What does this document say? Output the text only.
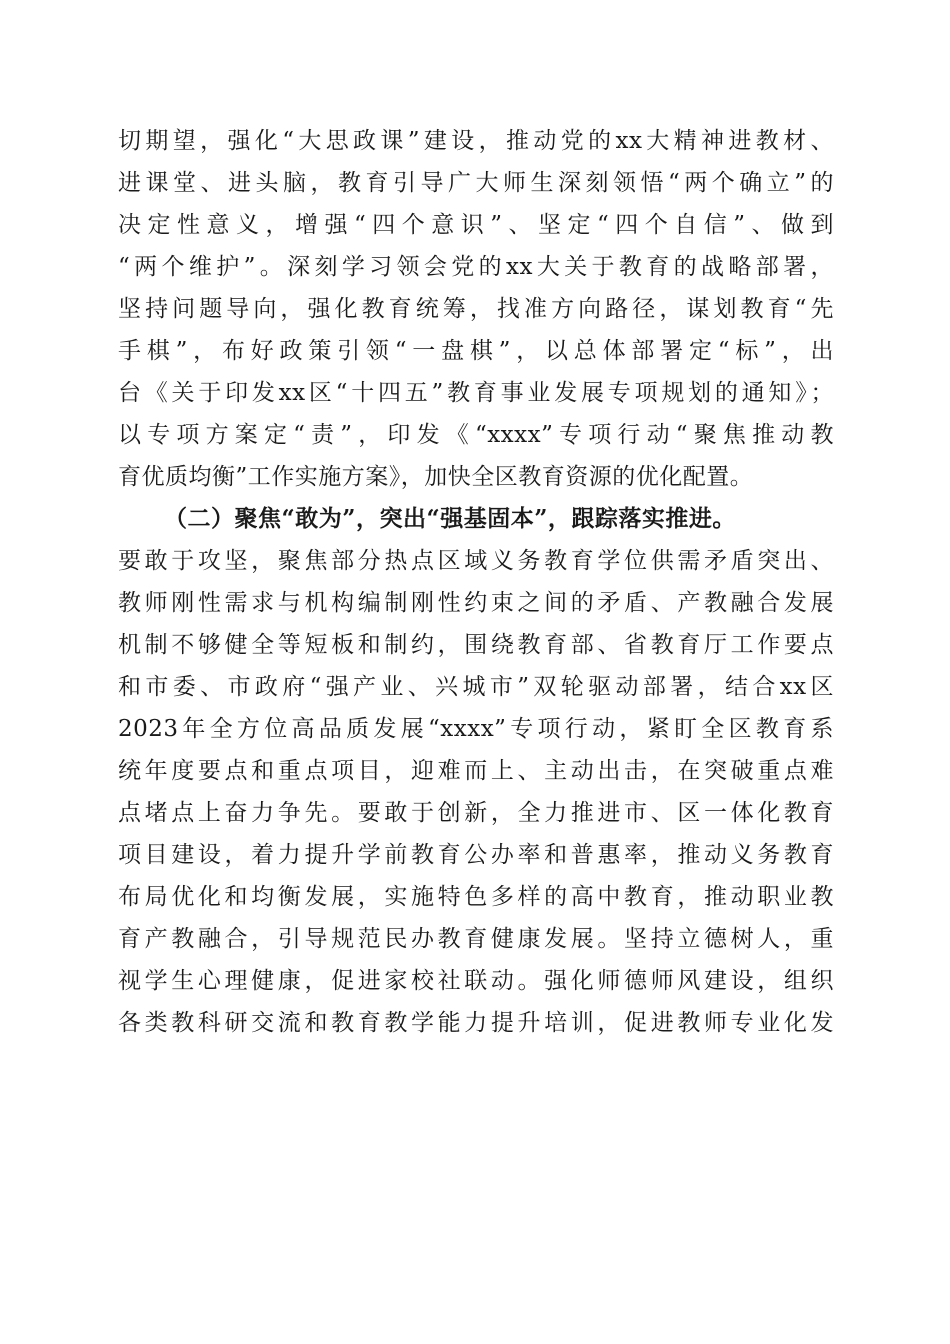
切期望，强化“大思政课”建设，推动党的xx大精神进教材、
进课堂、进头脑，教育引导广大师生深刻领悟“两个确立”的
决定性意义，增强“四个意识”、坚定“四个自信”、做到
“两个维护”。深刻学习领会党的xx大关于教育的战略部署，
坚持问题导向，强化教育统筹，找准方向路径，谋划教育“先
手棋”，布好政策引领“一盘棋”，以总体部署定“标”，出
台《关于印发xx区“十四五”教育事业发展专项规划的通知》；
以专项方案定“责”，印发《“xxxx”专项行动“聚焦推动教
育优质均衡”工作实施方案》，加快全区教育资源的优化配置。
（二）聚焦“敢为”，突出“强基固本”，跟踪落实推进。
要敢于攻坚，聚焦部分热点区域义务教育学位供需矛盾突出、
教师刚性需求与机构编制刚性约束之间的矛盾、产教融合发展
机制不够健全等短板和制约，围绕教育部、省教育厅工作要点
和市委、市政府“强产业、兴城市”双轮驱动部署，结合xx区
2023年全方位高品质发展“xxxx”专项行动，紧盯全区教育系
统年度要点和重点项目，迎难而上、主动出击，在突破重点难
点堵点上奋力争先。要敢于创新，全力推进市、区一体化教育
项目建设，着力提升学前教育公办率和普惠率，推动义务教育
布局优化和均衡发展，实施特色多样的高中教育，推动职业教
育产教融合，引导规范民办教育健康发展。坚持立德树人，重
视学生心理健康，促进家校社联动。强化师德师风建设，组织
各类教科研交流和教育教学能力提升培训，促进教师专业化发
